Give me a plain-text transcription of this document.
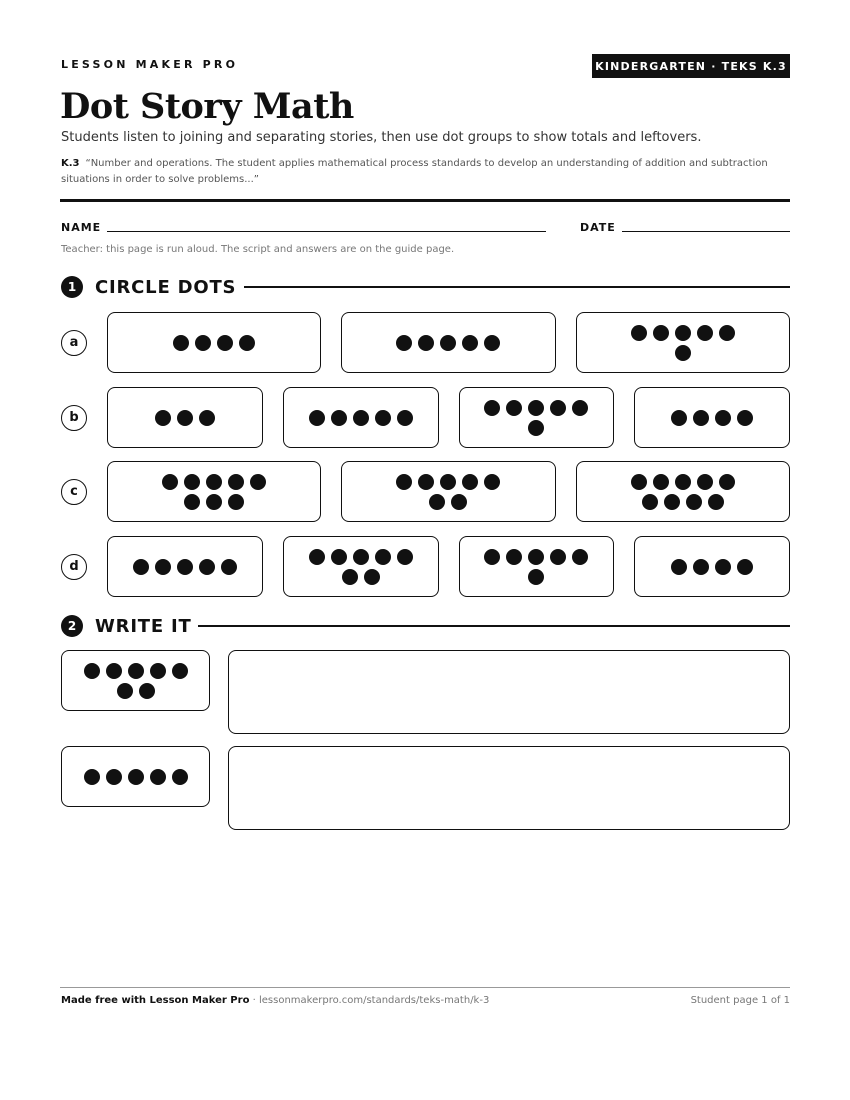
LESSON MAKER PRO	KINDERGARTEN · TEKS K.3
Dot Story Math
Students listen to joining and separating stories, then use dot groups to show totals and leftovers.
K.3 “Number and operations. The student applies mathematical process standards to develop an understanding of addition and subtraction situations in order to solve problems...”
NAME	DATE
Teacher: this page is run aloud. The script and answers are on the guide page.
1	CIRCLE DOTS
a
b
c
d
2	WRITE IT
Made free with Lesson Maker Pro · lessonmakerpro.com/standards/teks-math/k-3	Student page 1 of 1
